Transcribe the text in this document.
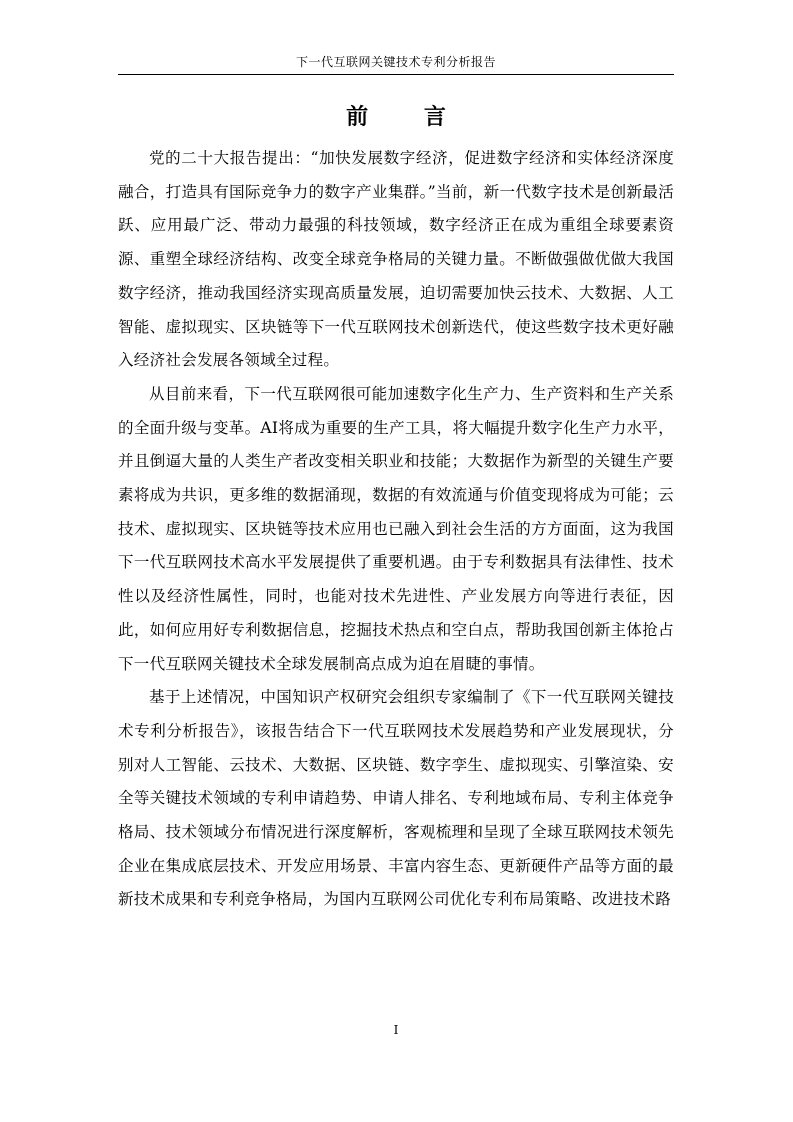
下一代互联网关键技术专利分析报告
前 言

党的二十大报告提出：“加快发展数字经济，促进数字经济和实体经济深度融合，打造具有国际竞争力的数字产业集群。”当前，新一代数字技术是创新最活跃、应用最广泛、带动力最强的科技领域，数字经济正在成为重组全球要素资源、重塑全球经济结构、改变全球竞争格局的关键力量。不断做强做优做大我国数字经济，推动我国经济实现高质量发展，迫切需要加快云技术、大数据、人工智能、虚拟现实、区块链等下一代互联网技术创新迭代，使这些数字技术更好融入经济社会发展各领域全过程。

从目前来看，下一代互联网很可能加速数字化生产力、生产资料和生产关系的全面升级与变革。AI将成为重要的生产工具，将大幅提升数字化生产力水平，并且倒逼大量的人类生产者改变相关职业和技能；大数据作为新型的关键生产要素将成为共识，更多维的数据涌现，数据的有效流通与价值变现将成为可能；云技术、虚拟现实、区块链等技术应用也已融入到社会生活的方方面面，这为我国下一代互联网技术高水平发展提供了重要机遇。由于专利数据具有法律性、技术性以及经济性属性，同时，也能对技术先进性、产业发展方向等进行表征，因此，如何应用好专利数据信息，挖掘技术热点和空白点，帮助我国创新主体抢占下一代互联网关键技术全球发展制高点成为迫在眉睫的事情。

基于上述情况，中国知识产权研究会组织专家编制了《下一代互联网关键技术专利分析报告》，该报告结合下一代互联网技术发展趋势和产业发展现状，分别对人工智能、云技术、大数据、区块链、数字孪生、虚拟现实、引擎渲染、安全等关键技术领域的专利申请趋势、申请人排名、专利地域布局、专利主体竞争格局、技术领域分布情况进行深度解析，客观梳理和呈现了全球互联网技术领先企业在集成底层技术、开发应用场景、丰富内容生态、更新硬件产品等方面的最新技术成果和专利竞争格局，为国内互联网公司优化专利布局策略、改进技术路

I
